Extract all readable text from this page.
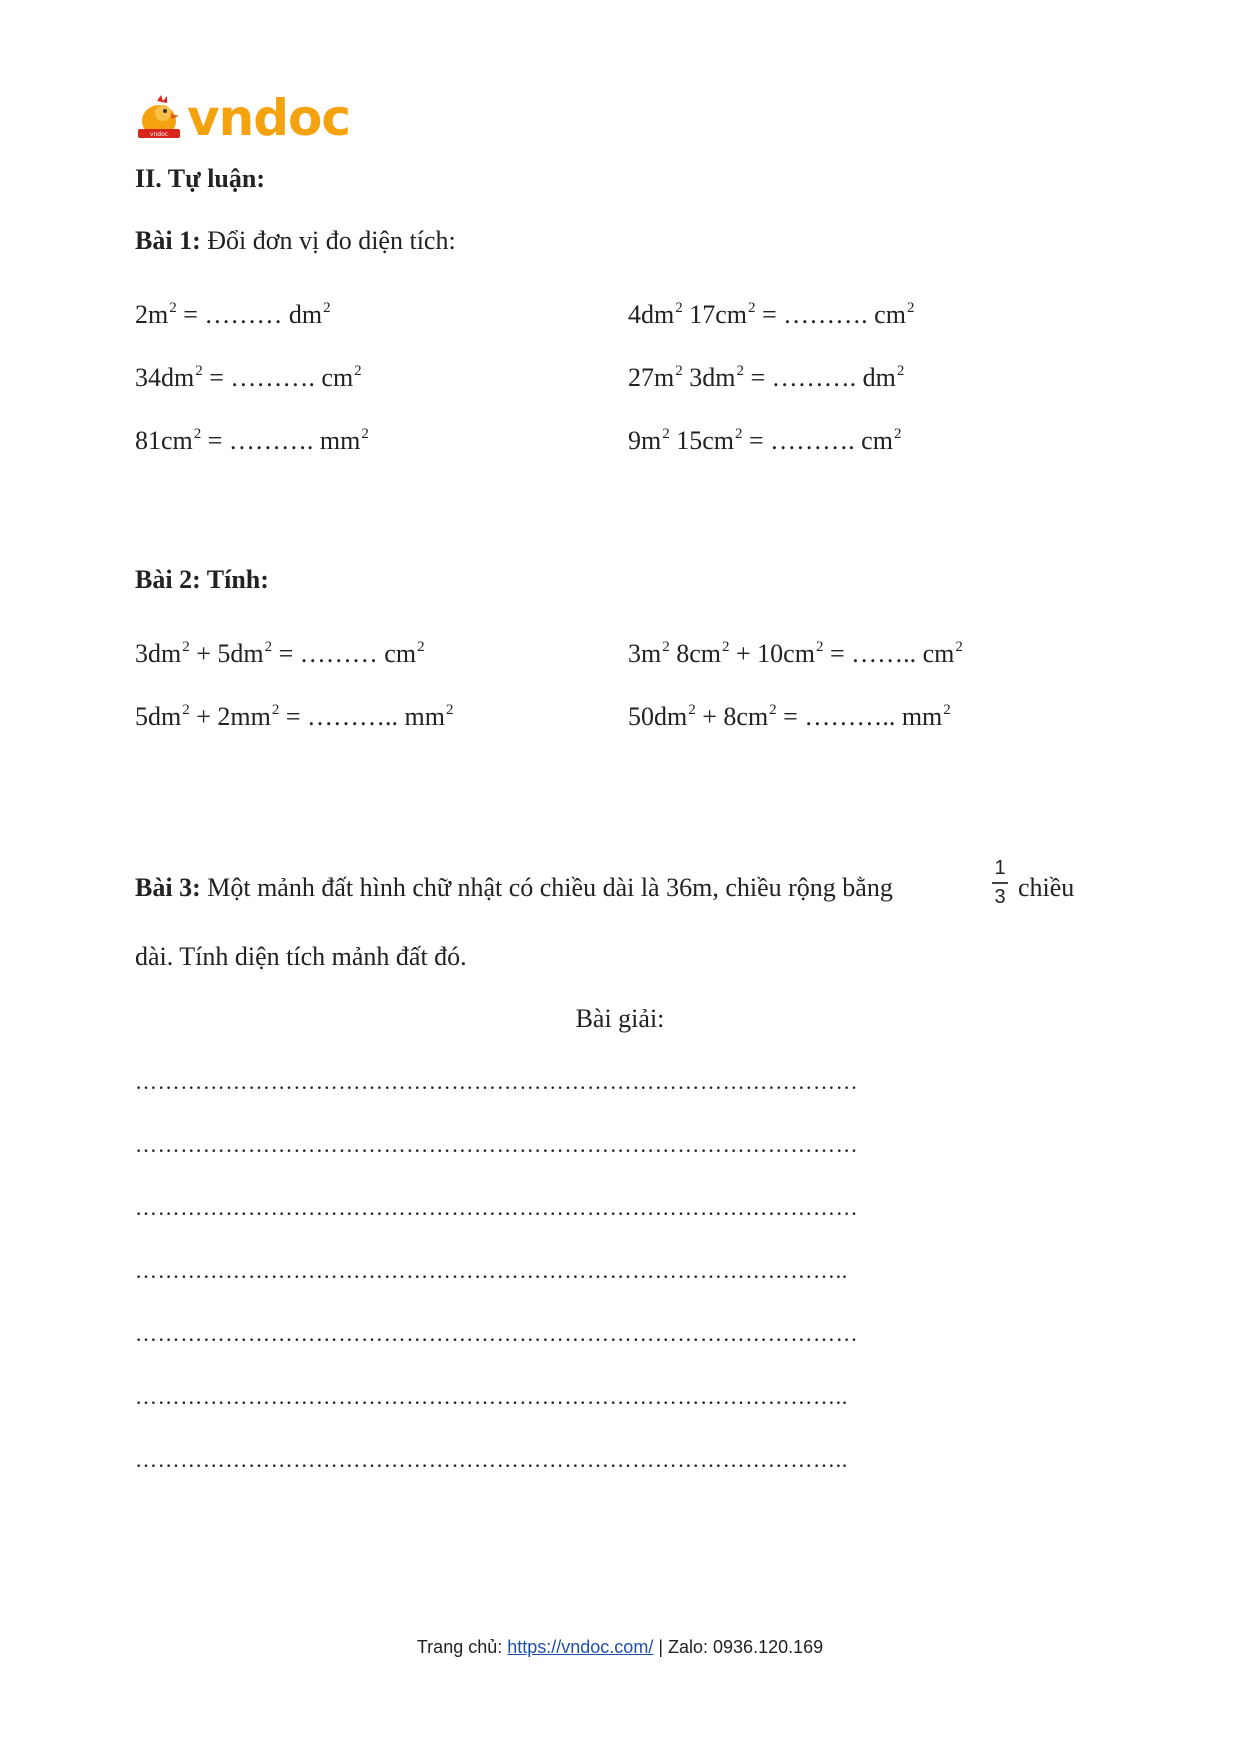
vndoc vndoc
II. Tự luận:
Bài 1: Đổi đơn vị đo diện tích:
$2m^2$ = ……… $dm^2$	$4dm^2$ $17cm^2$ = ………. $cm^2$
$34dm^2$ = ………. $cm^2$	$27m^2$ $3dm^2$ = ………. $dm^2$
$81cm^2$ = ………. $mm^2$	$9m^2$ $15cm^2$ = ………. $cm^2$
Bài 2: Tính:
$3dm^2 + 5dm^2$ = ……… $cm^2$	$3m^2$ $8cm^2 + 10cm^2$ = …….. $cm^2$
$5dm^2 + 2mm^2$ = ……….. $mm^2$	$50dm^2 + 8cm^2$ = ……….. $mm^2$
Bài 3: Một mảnh đất hình chữ nhật có chiều dài là 36m, chiều rộng bằng
1
3 chiều
dài. Tính diện tích mảnh đất đó.
Bài giải:
……………………………………………………………………………………
……………………………………………………………………………………
……………………………………………………………………………………
…………………………………………………………………………………..
……………………………………………………………………………………
…………………………………………………………………………………..
…………………………………………………………………………………..
Trang chủ: https://vndoc.com/ | Zalo: 0936.120.169
